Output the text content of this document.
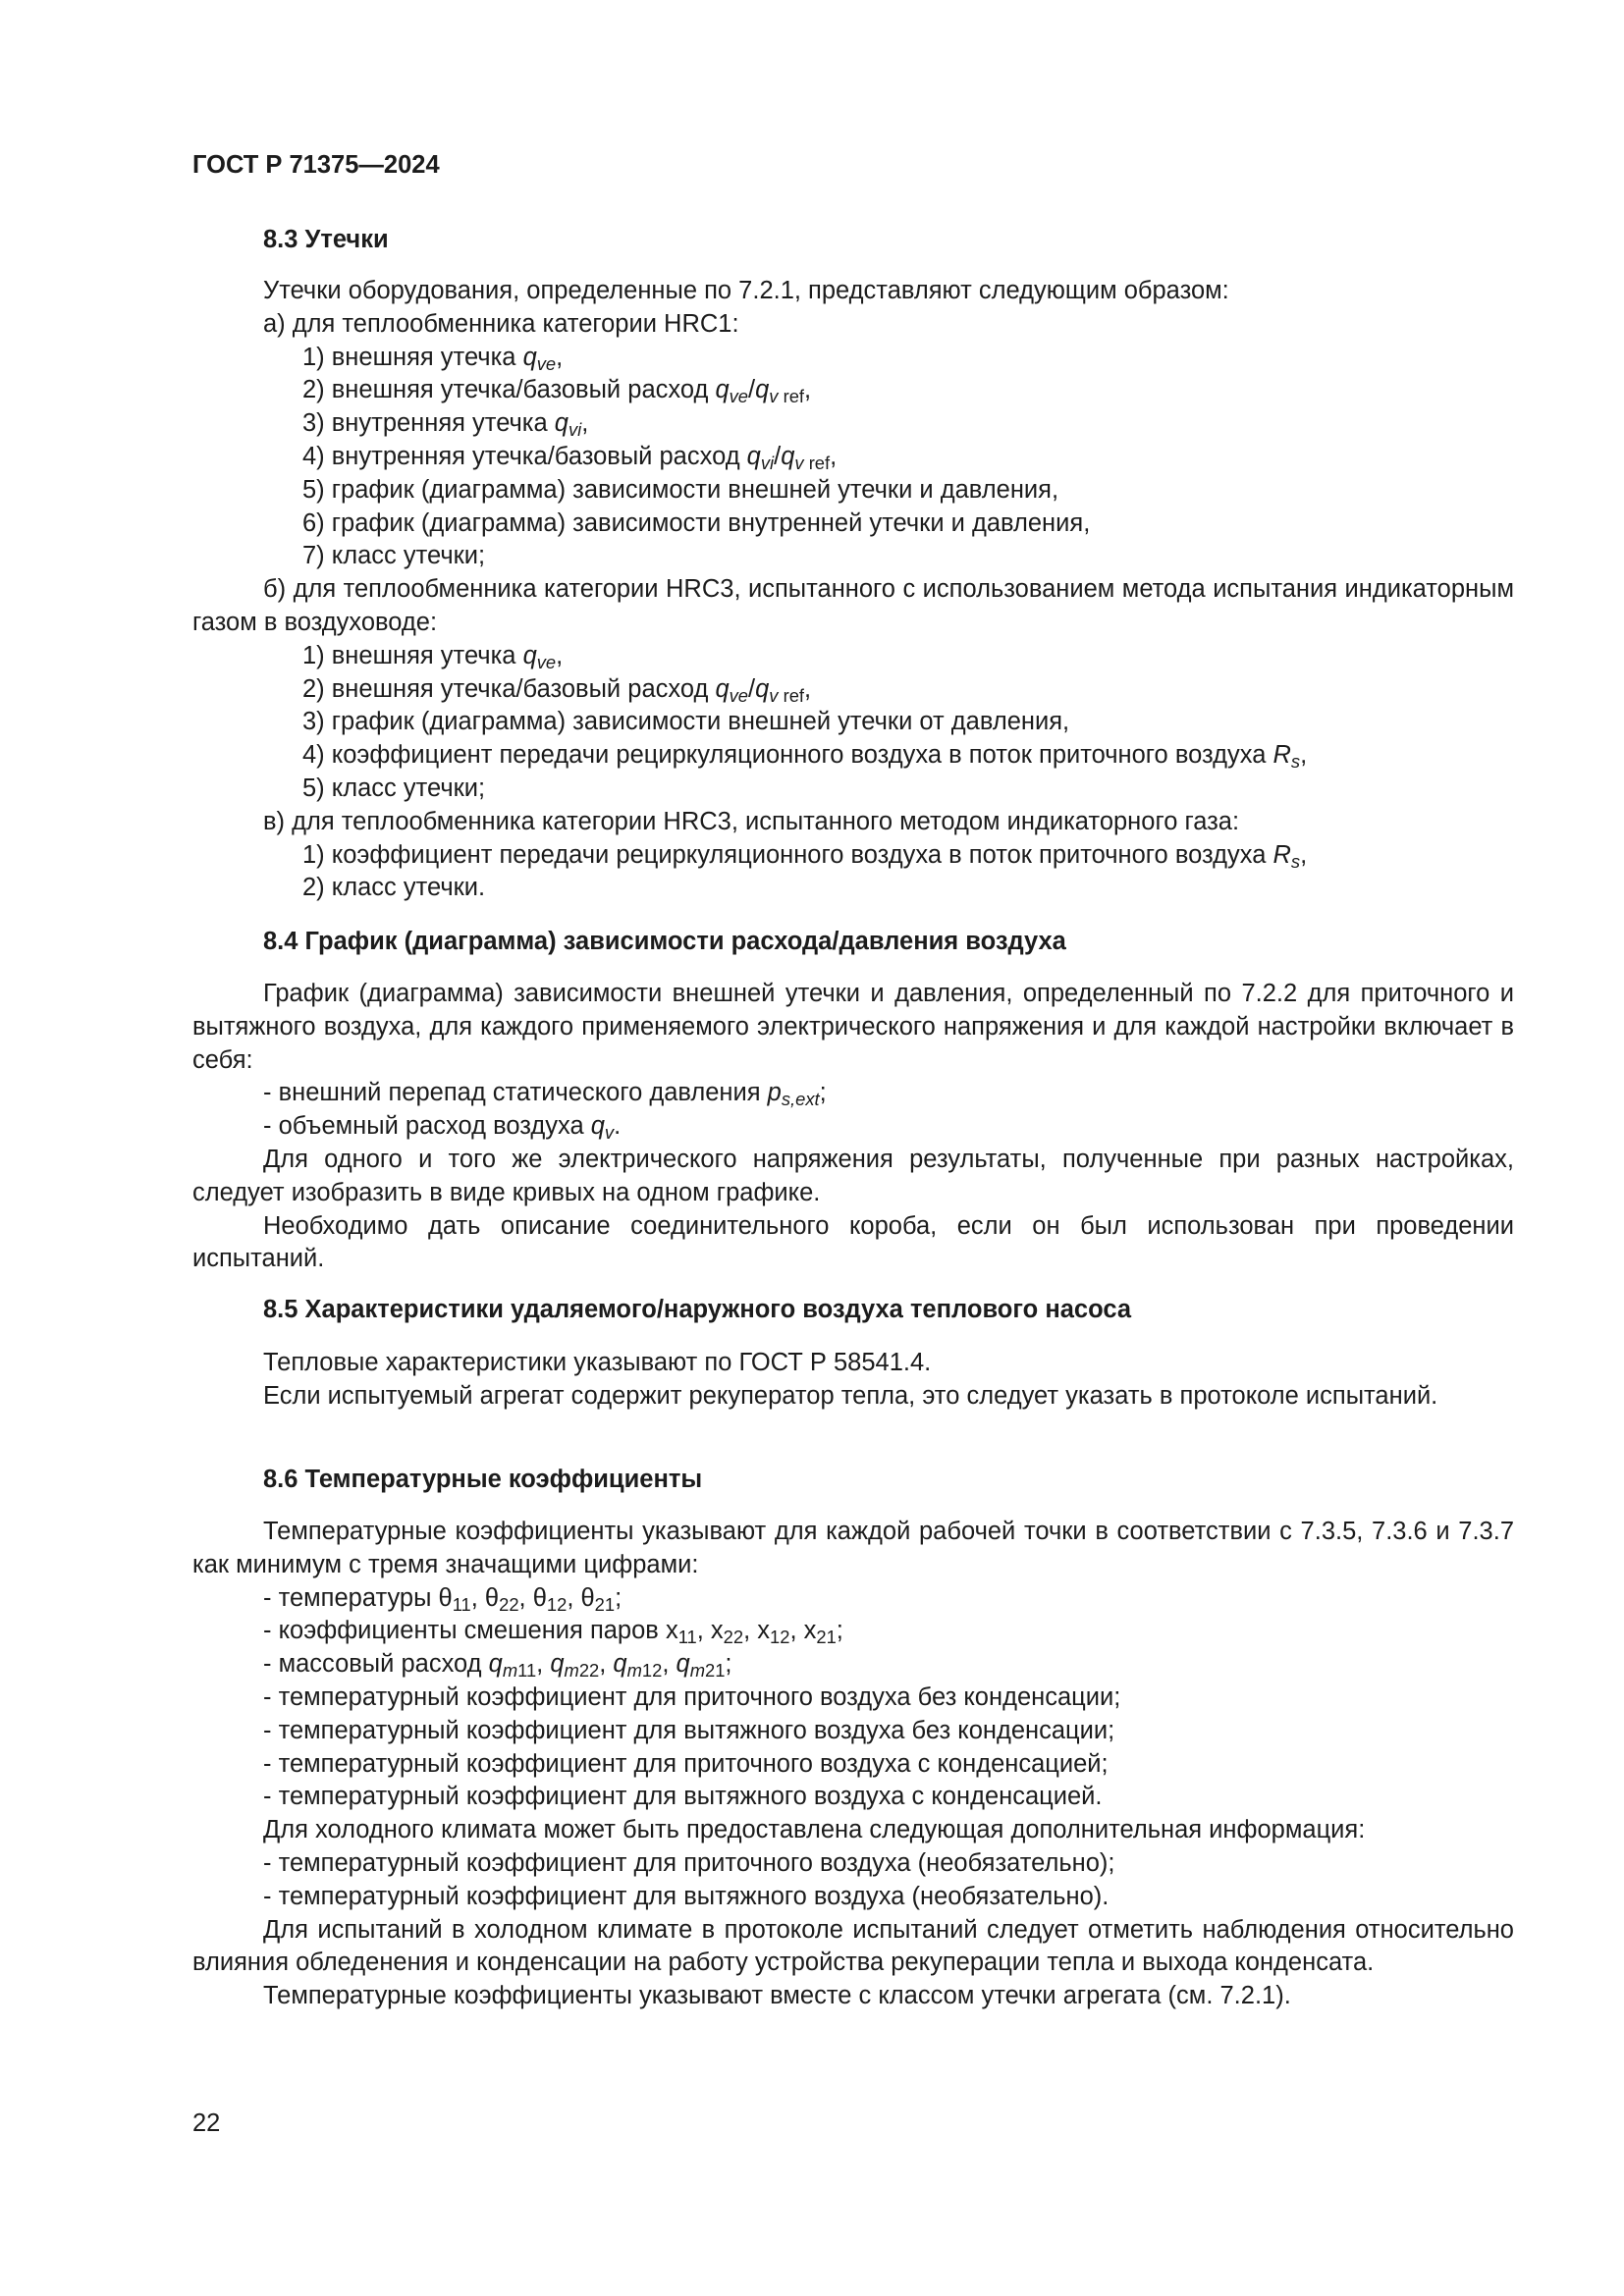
ГОСТ Р 71375—2024

8.3 Утечки

Утечки оборудования, определенные по 7.2.1, представляют следующим образом:

а) для теплообменника категории HRC1:

1) внешняя утечка $q_{ve}$,

2) внешняя утечка/базовый расход $q_{ve}/q_{v ref}$,

3) внутренняя утечка $q_{vi}$,

4) внутренняя утечка/базовый расход $q_{vi}/q_{v ref}$,

5) график (диаграмма) зависимости внешней утечки и давления,

6) график (диаграмма) зависимости внутренней утечки и давления,

7) класс утечки;

б) для теплообменника категории HRC3, испытанного с использованием метода испытания индикаторным газом в воздуховоде:

1) внешняя утечка $q_{ve}$,

2) внешняя утечка/базовый расход $q_{ve}/q_{v ref}$,

3) график (диаграмма) зависимости внешней утечки от давления,

4) коэффициент передачи рециркуляционного воздуха в поток приточного воздуха $R_s$,

5) класс утечки;

в) для теплообменника категории HRC3, испытанного методом индикаторного газа:

1) коэффициент передачи рециркуляционного воздуха в поток приточного воздуха $R_s$,

2) класс утечки.

8.4 График (диаграмма) зависимости расхода/давления воздуха

График (диаграмма) зависимости внешней утечки и давления, определенный по 7.2.2 для приточного и вытяжного воздуха, для каждого применяемого электрического напряжения и для каждой настройки включает в себя:

- внешний перепад статического давления $p_{s,ext}$;

- объемный расход воздуха $q_v$.

Для одного и того же электрического напряжения результаты, полученные при разных настройках, следует изобразить в виде кривых на одном графике.

Необходимо дать описание соединительного короба, если он был использован при проведении испытаний.

8.5 Характеристики удаляемого/наружного воздуха теплового насоса

Тепловые характеристики указывают по ГОСТ Р 58541.4.

Если испытуемый агрегат содержит рекуператор тепла, это следует указать в протоколе испытаний.

8.6 Температурные коэффициенты

Температурные коэффициенты указывают для каждой рабочей точки в соответствии с 7.3.5, 7.3.6 и 7.3.7 как минимум с тремя значащими цифрами:

- температуры $\theta_{11}$, $\theta_{22}$, $\theta_{12}$, $\theta_{21}$;

- коэффициенты смешения паров $x_{11}$, $x_{22}$, $x_{12}$, $x_{21}$;

- массовый расход $q_{m11}$, $q_{m22}$, $q_{m12}$, $q_{m21}$;

- температурный коэффициент для приточного воздуха без конденсации;

- температурный коэффициент для вытяжного воздуха без конденсации;

- температурный коэффициент для приточного воздуха с конденсацией;

- температурный коэффициент для вытяжного воздуха с конденсацией.

Для холодного климата может быть предоставлена следующая дополнительная информация:

- температурный коэффициент для приточного воздуха (необязательно);

- температурный коэффициент для вытяжного воздуха (необязательно).

Для испытаний в холодном климате в протоколе испытаний следует отметить наблюдения относительно влияния обледенения и конденсации на работу устройства рекуперации тепла и выхода конденсата.

Температурные коэффициенты указывают вместе с классом утечки агрегата (см. 7.2.1).

22
